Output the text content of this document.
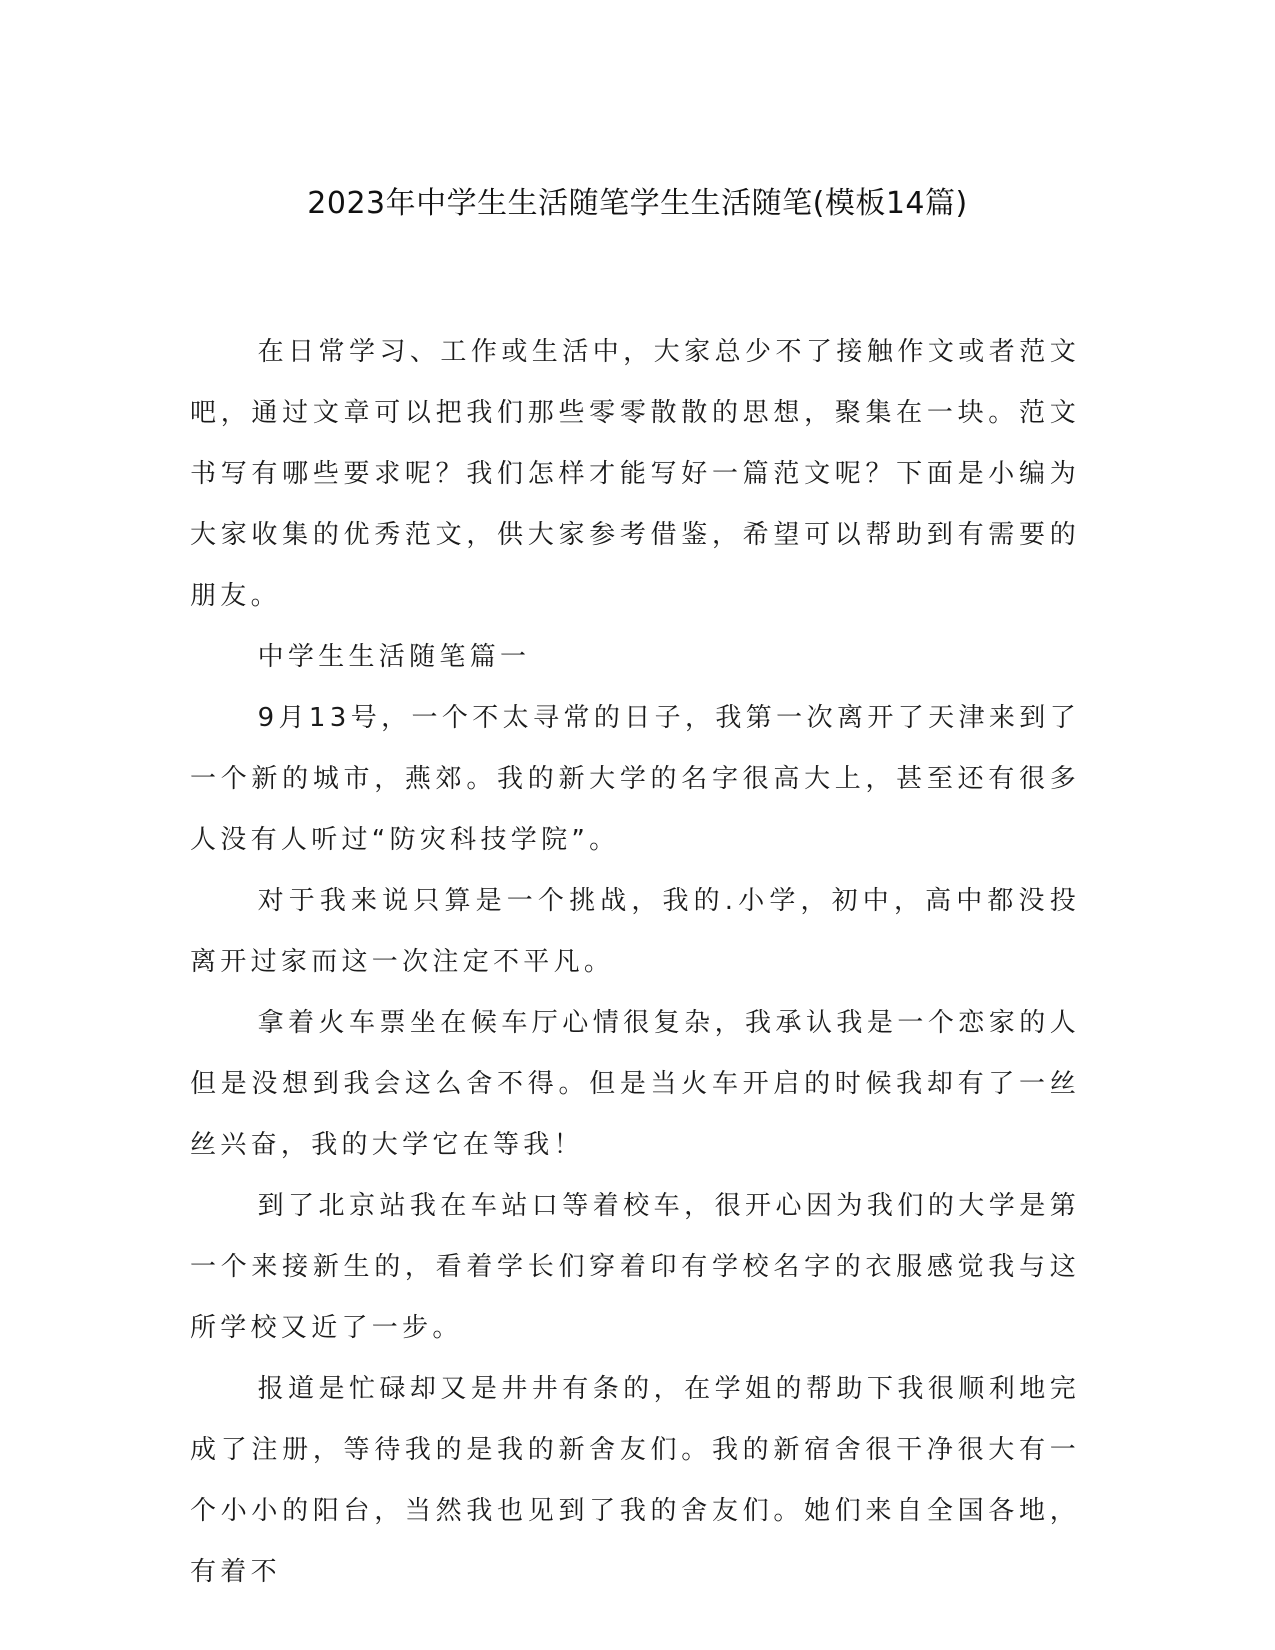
2023年中学生生活随笔学生生活随笔(模板14篇)

在日常学习、工作或生活中，大家总少不了接触作文或者范文吧，通过文章可以把我们那些零零散散的思想，聚集在一块。范文书写有哪些要求呢？我们怎样才能写好一篇范文呢？下面是小编为大家收集的优秀范文，供大家参考借鉴，希望可以帮助到有需要的朋友。

中学生生活随笔篇一

9月13号，一个不太寻常的日子，我第一次离开了天津来到了一个新的城市，燕郊。我的新大学的名字很高大上，甚至还有很多人没有人听过“防灾科技学院”。

对于我来说只算是一个挑战，我的.小学，初中，高中都没投离开过家而这一次注定不平凡。

拿着火车票坐在候车厅心情很复杂，我承认我是一个恋家的人但是没想到我会这么舍不得。但是当火车开启的时候我却有了一丝丝兴奋，我的大学它在等我！

到了北京站我在车站口等着校车，很开心因为我们的大学是第一个来接新生的，看着学长们穿着印有学校名字的衣服感觉我与这所学校又近了一步。

报道是忙碌却又是井井有条的，在学姐的帮助下我很顺利地完成了注册，等待我的是我的新舍友们。我的新宿舍很干净很大有一个小小的阳台，当然我也见到了我的舍友们。她们来自全国各地，有着不
